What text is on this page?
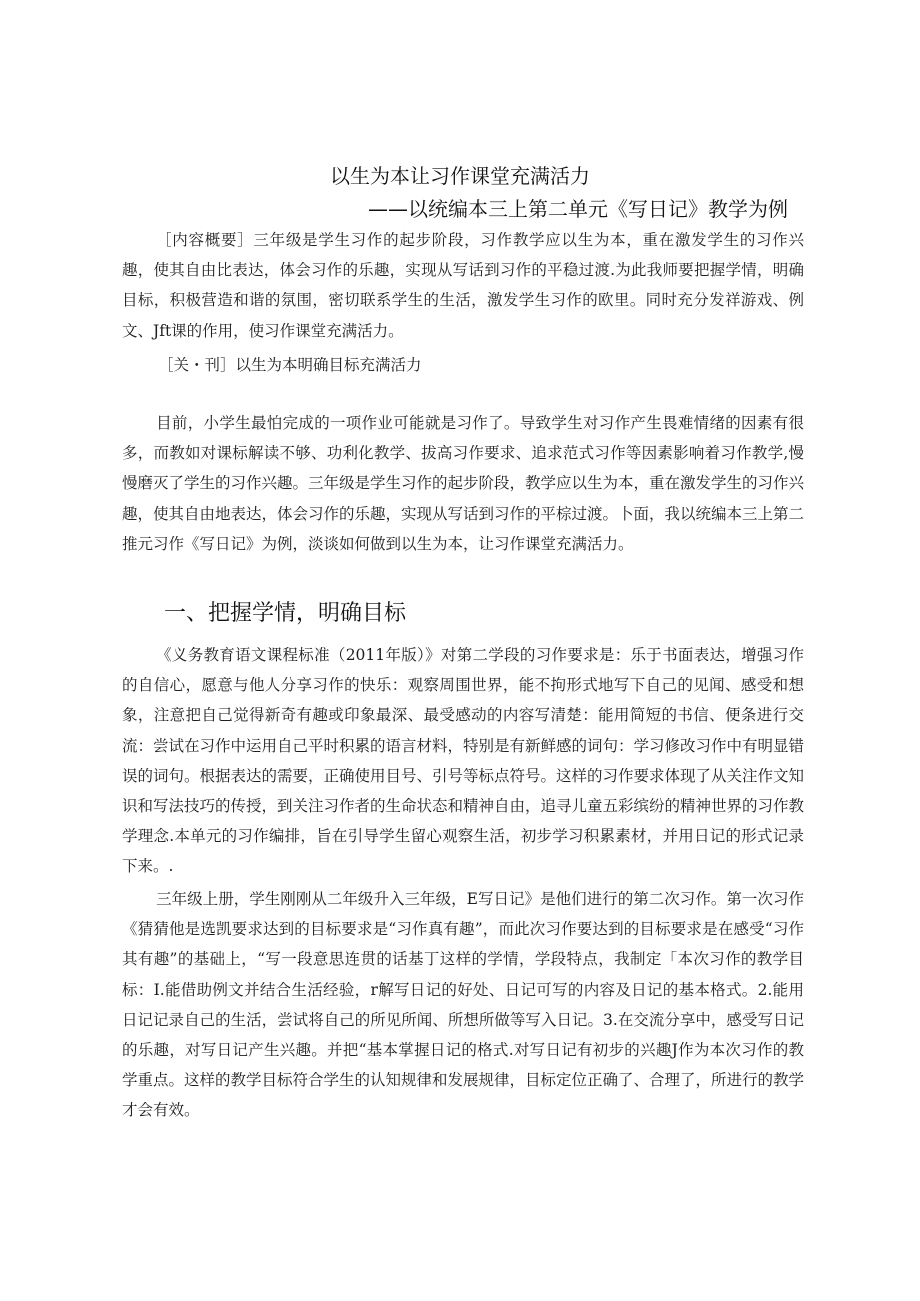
以生为本让习作课堂充满活力
——以统编本三上第二单元《写日记》教学为例

［内容概要］三年级是学生习作的起步阶段，习作教学应以生为本，重在激发学生的习作兴趣，使其自由比表达，体会习作的乐趣，实现从写话到习作的平稳过渡.为此我师要把握学情，明确目标，积极营造和谐的氛围，密切联系学生的生活，激发学生习作的欧里。同时充分发祥游戏、例文、Jft课的作用，使习作课堂充满活力。

［关・刊］以生为本明确目标充满活力

目前，小学生最怕完成的一项作业可能就是习作了。导致学生对习作产生畏难情绪的因素有很多，而教如对课标解读不够、功利化教学、拔高习作要求、追求范式习作等因素影响着习作教学,慢慢磨灭了学生的习作兴趣。三年级是学生习作的起步阶段，教学应以生为本，重在激发学生的习作兴趣，使其自由地表达，体会习作的乐趣，实现从写话到习作的平棕过渡。卜面，我以统编本三上第二推元习作《写日记》为例，淡谈如何做到以生为本，让习作课堂充满活力。

一、把握学情，明确目标

《义务教育语文课程标准（2011年版）》对第二学段的习作要求是：乐于书面表达，增强习作的自信心，愿意与他人分享习作的快乐：观察周围世界，能不拘形式地写下自己的见闻、感受和想象，注意把自己觉得新奇有趣或印象最深、最受感动的内容写清楚：能用简短的书信、便条进行交流：尝试在习作中运用自己平时积累的语言材料，特别是有新鲜感的词句：学习修改习作中有明显错误的词句。根据表达的需要，正确使用目号、引号等标点符号。这样的习作要求体现了从关注作文知识和写法技巧的传授，到关注习作者的生命状态和精神自由，追寻儿童五彩缤纷的精神世界的习作教学理念.本单元的习作编排，旨在引导学生留心观察生活，初步学习积累素材，并用日记的形式记录下来。.

三年级上册，学生刚刚从二年级升入三年级，E写日记》是他们进行的第二次习作。第一次习作《猜猜他是选凯要求达到的目标要求是“习作真有趣”，而此次习作要达到的目标要求是在感受“习作其有趣”的基础上，“写一段意思连贯的话基丁这样的学情，学段特点，我制定「本次习作的教学目标：I.能借助例文并结合生活经验，r解写日记的好处、日记可写的内容及日记的基本格式。2.能用日记记录自己的生活，尝试将自己的所见所闻、所想所做等写入日记。3.在交流分享中，感受写日记的乐趣，对写日记产生兴趣。并把“基本掌握日记的格式.对写日记有初步的兴趣J作为本次习作的教学重点。这样的教学目标符合学生的认知规律和发展规律，目标定位正确了、合理了，所进行的教学才会有效。
